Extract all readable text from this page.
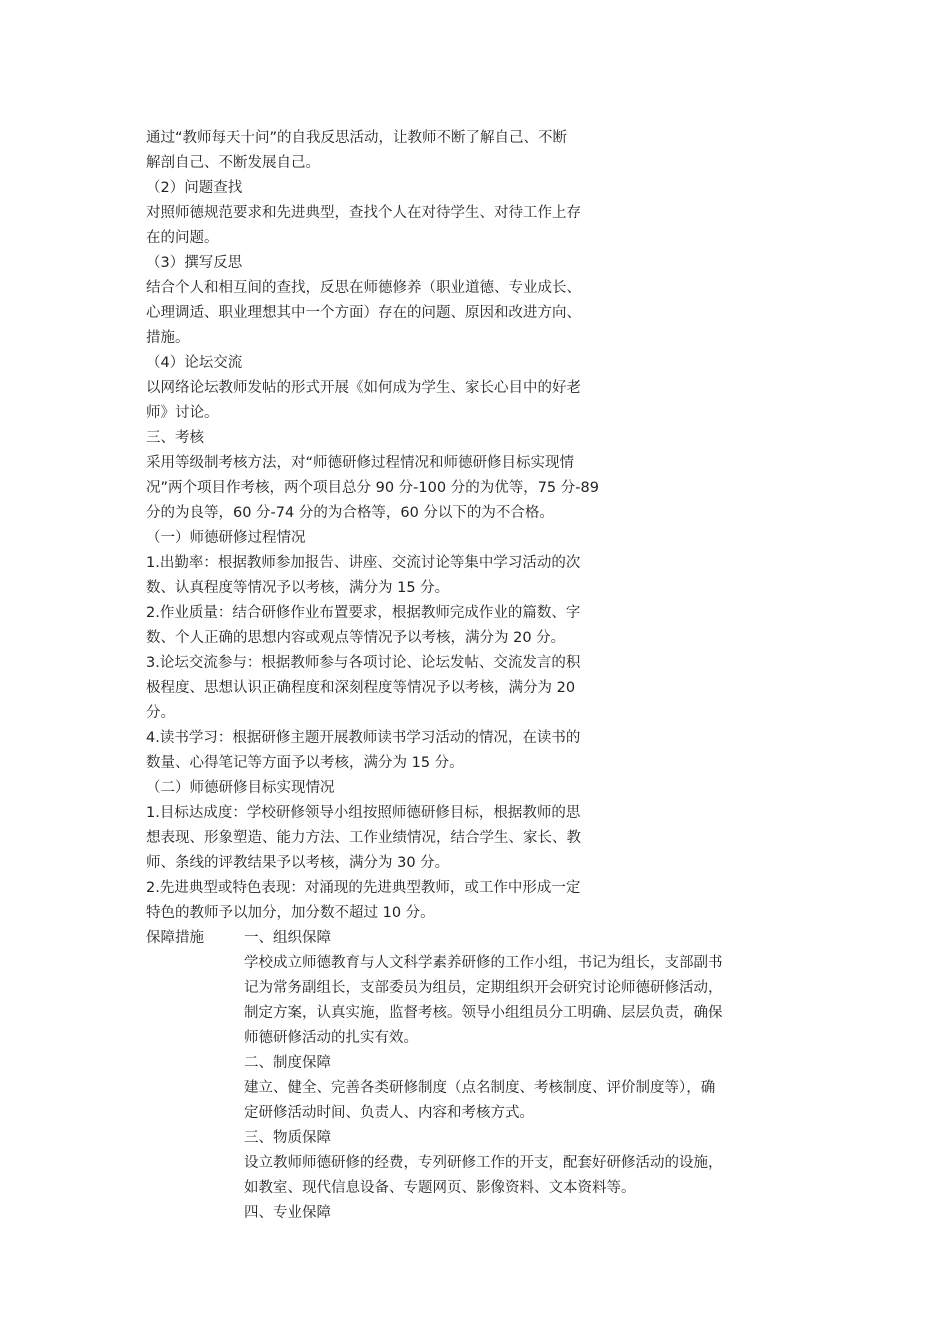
通过“教师每天十问”的自我反思活动，让教师不断了解自己、不断

解剖自己、不断发展自己。

（2）问题查找

对照师德规范要求和先进典型，查找个人在对待学生、对待工作上存

在的问题。

（3）撰写反思

结合个人和相互间的查找，反思在师德修养（职业道德、专业成长、

心理调适、职业理想其中一个方面）存在的问题、原因和改进方向、

措施。

（4）论坛交流

以网络论坛教师发帖的形式开展《如何成为学生、家长心目中的好老

师》讨论。

三、考核

采用等级制考核方法，对“师德研修过程情况和师德研修目标实现情

况”两个项目作考核，两个项目总分 90 分-100 分的为优等，75 分-89

分的为良等，60 分-74 分的为合格等，60 分以下的为不合格。

（一）师德研修过程情况

1.出勤率：根据教师参加报告、讲座、交流讨论等集中学习活动的次

数、认真程度等情况予以考核，满分为 15 分。

2.作业质量：结合研修作业布置要求，根据教师完成作业的篇数、字

数、个人正确的思想内容或观点等情况予以考核，满分为 20 分。

3.论坛交流参与：根据教师参与各项讨论、论坛发帖、交流发言的积

极程度、思想认识正确程度和深刻程度等情况予以考核，满分为 20

分。

4.读书学习：根据研修主题开展教师读书学习活动的情况，在读书的

数量、心得笔记等方面予以考核，满分为 15 分。

（二）师德研修目标实现情况

1.目标达成度：学校研修领导小组按照师德研修目标，根据教师的思

想表现、形象塑造、能力方法、工作业绩情况，结合学生、家长、教

师、条线的评教结果予以考核，满分为 30 分。

2.先进典型或特色表现：对涌现的先进典型教师，或工作中形成一定

特色的教师予以加分，加分数不超过 10 分。

保障措施	一、组织保障

学校成立师德教育与人文科学素养研修的工作小组，书记为组长，支部副书

记为常务副组长，支部委员为组员，定期组织开会研究讨论师德研修活动，

制定方案，认真实施，监督考核。领导小组组员分工明确、层层负责，确保

师德研修活动的扎实有效。

二、制度保障

建立、健全、完善各类研修制度（点名制度、考核制度、评价制度等），确

定研修活动时间、负责人、内容和考核方式。

三、物质保障

设立教师师德研修的经费，专列研修工作的开支，配套好研修活动的设施，

如教室、现代信息设备、专题网页、影像资料、文本资料等。

四、专业保障
